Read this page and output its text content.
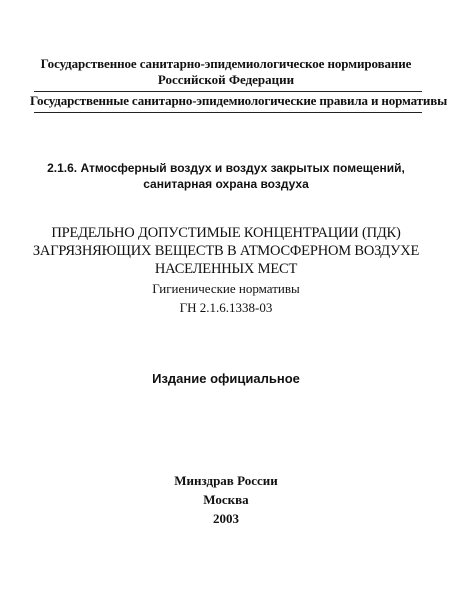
Государственное санитарно-эпидемиологическое нормирование
Российской Федерации
Государственные санитарно-эпидемиологические правила и нормативы
2.1.6. Атмосферный воздух и воздух закрытых помещений,
санитарная охрана воздуха
ПРЕДЕЛЬНО ДОПУСТИМЫЕ КОНЦЕНТРАЦИИ (ПДК)
ЗАГРЯЗНЯЮЩИХ ВЕЩЕСТВ В АТМОСФЕРНОМ ВОЗДУХЕ
НАСЕЛЕННЫХ МЕСТ
Гигиенические нормативы
ГН 2.1.6.1338-03
Издание официальное
Минздрав России
Москва
2003
